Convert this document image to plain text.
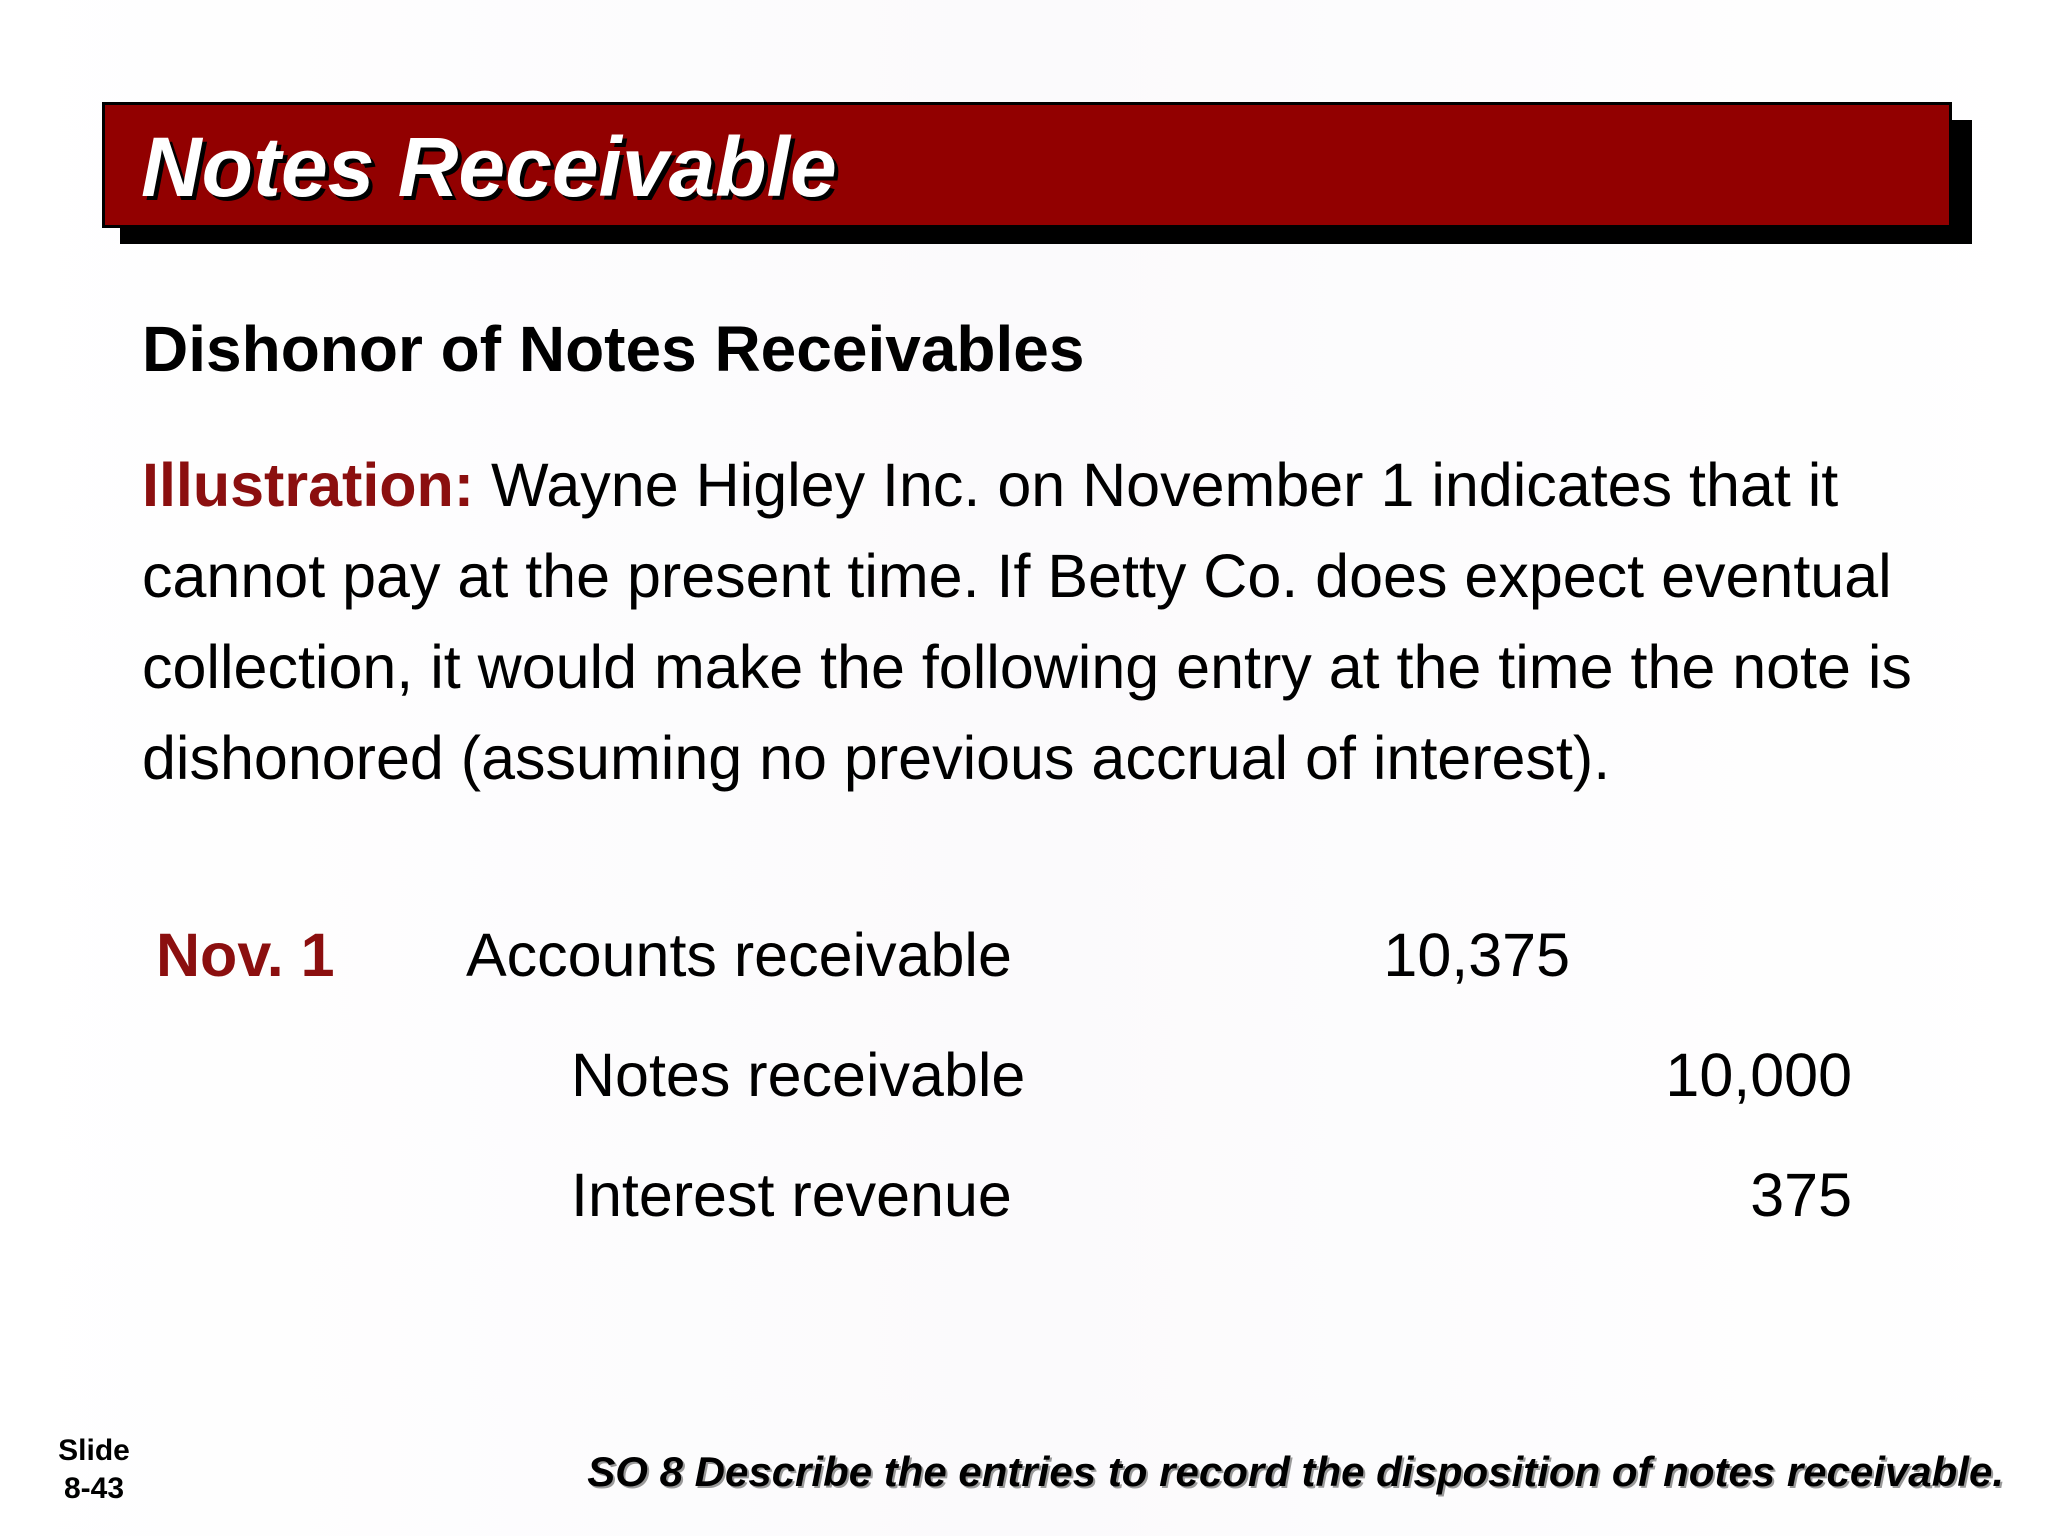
Notes Receivable
Dishonor of Notes Receivables
Illustration: Wayne Higley Inc. on November 1 indicates that it
cannot pay at the present time. If Betty Co. does expect eventual
collection, it would make the following entry at the time the note is
dishonored (assuming no previous accrual of interest).
Nov. 1 Accounts receivable	10,375
Notes receivable	10,000
Interest revenue	375
Slide
8-43	SO 8 Describe the entries to record the disposition of notes receivable.
